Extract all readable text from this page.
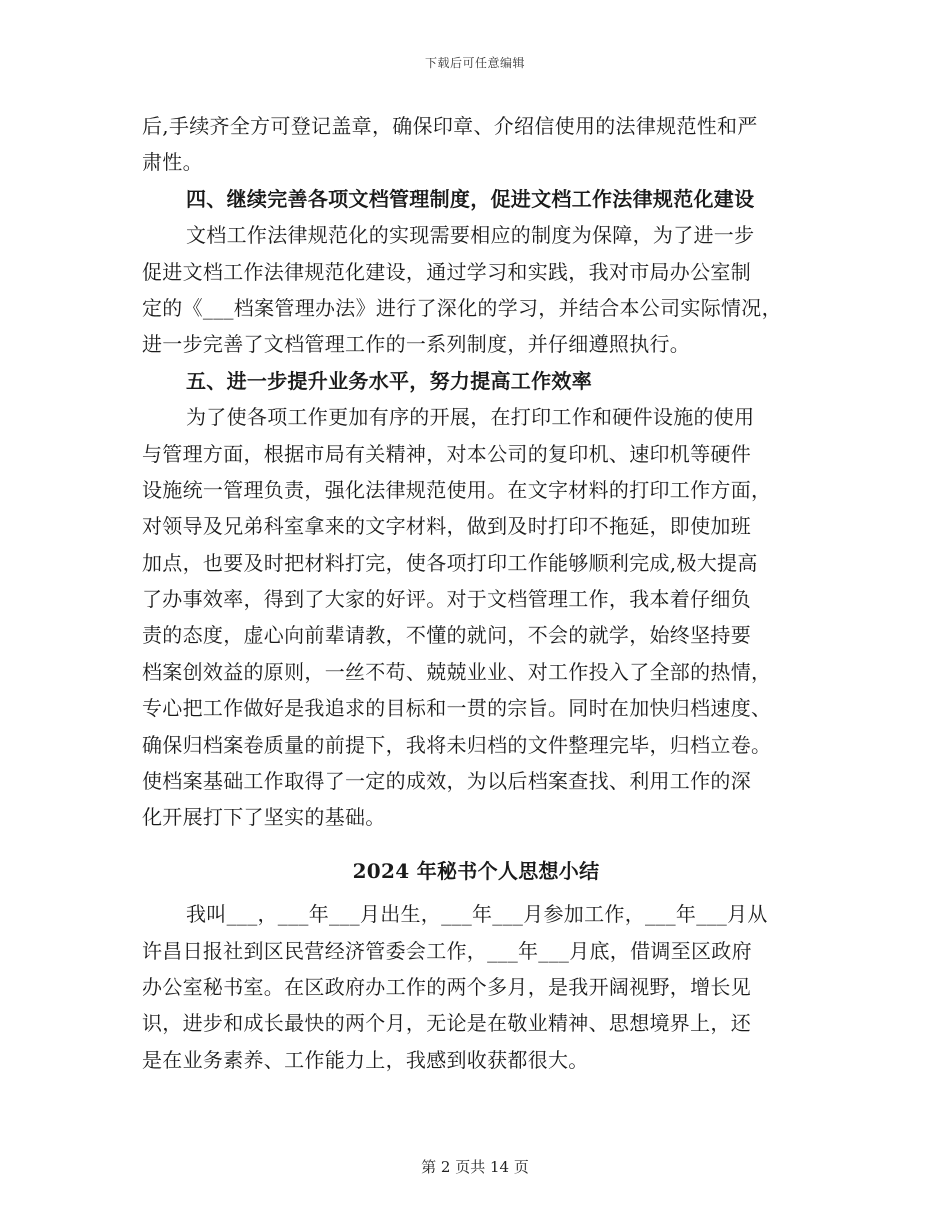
下载后可任意编辑
后,手续齐全方可登记盖章，确保印章、介绍信使用的法律规范性和严
肃性。
四、继续完善各项文档管理制度，促进文档工作法律规范化建设
文档工作法律规范化的实现需要相应的制度为保障，为了进一步
促进文档工作法律规范化建设，通过学习和实践，我对市局办公室制
定的《___档案管理办法》进行了深化的学习，并结合本公司实际情况，
进一步完善了文档管理工作的一系列制度，并仔细遵照执行。
五、进一步提升业务水平，努力提高工作效率
为了使各项工作更加有序的开展，在打印工作和硬件设施的使用
与管理方面，根据市局有关精神，对本公司的复印机、速印机等硬件
设施统一管理负责，强化法律规范使用。在文字材料的打印工作方面，
对领导及兄弟科室拿来的文字材料，做到及时打印不拖延，即使加班
加点，也要及时把材料打完，使各项打印工作能够顺利完成,极大提高
了办事效率，得到了大家的好评。对于文档管理工作，我本着仔细负
责的态度，虚心向前辈请教，不懂的就问，不会的就学，始终坚持要
档案创效益的原则，一丝不苟、兢兢业业、对工作投入了全部的热情，
专心把工作做好是我追求的目标和一贯的宗旨。同时在加快归档速度、
确保归档案卷质量的前提下，我将未归档的文件整理完毕，归档立卷。
使档案基础工作取得了一定的成效，为以后档案查找、利用工作的深
化开展打下了坚实的基础。
2024 年秘书个人思想小结
我叫___，___年___月出生，___年___月参加工作，___年___月从
许昌日报社到区民营经济管委会工作，___年___月底，借调至区政府
办公室秘书室。在区政府办工作的两个多月，是我开阔视野，增长见
识，进步和成长最快的两个月，无论是在敬业精神、思想境界上，还
是在业务素养、工作能力上，我感到收获都很大。
第 2 页共 14 页
